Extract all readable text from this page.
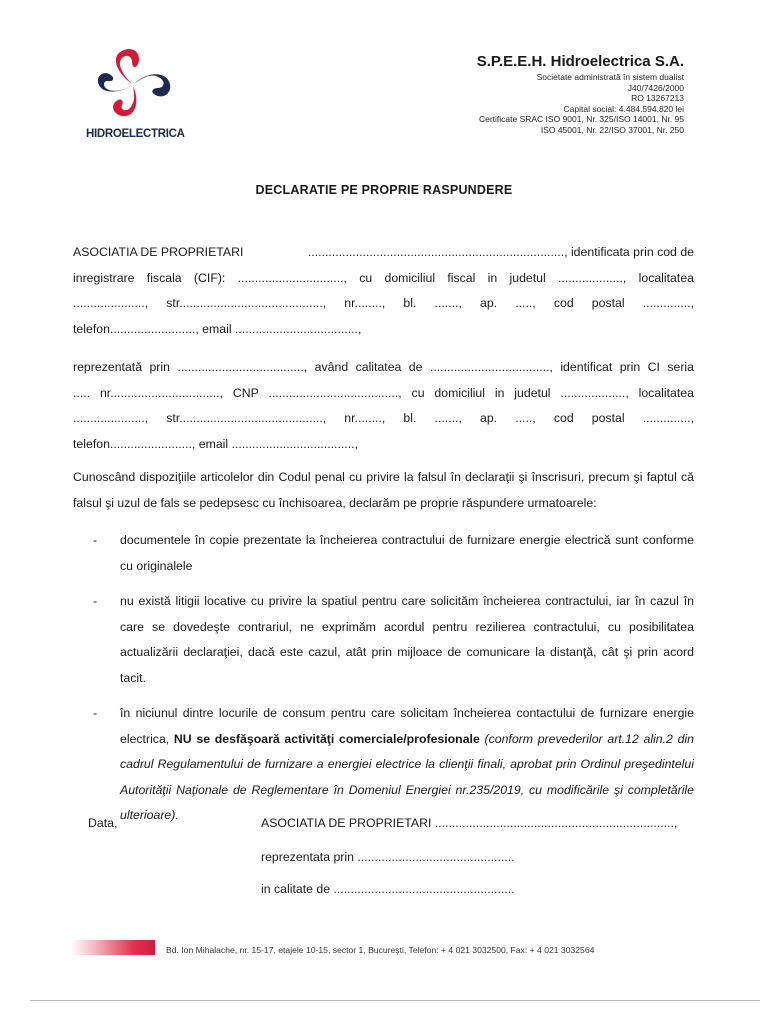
HIDROELECTRICA
S.P.E.E.H. Hidroelectrica S.A.
Societate administrată în sistem dualist
J40/7426/2000
RO 13267213
Capital social: 4.484.594.820 lei
Certificate SRAC ISO 9001, Nr. 325/ISO 14001, Nr. 95
ISO 45001, Nr. 22/ISO 37001, Nr. 250
DECLARATIE PE PROPRIE RASPUNDERE
ASOCIATIA DE PROPRIETARI	..........................................................................., identificata prin cod de
inregistrare fiscala (CIF): ..............................., cu domiciliul fiscal in judetul ..................., localitatea
....................., str.........................................., nr........, bl. ......., ap. ....., cod postal ..............,
telefon........................., email ....................................,
reprezentată prin ....................................., având calitatea de ..................................., identificat prin CI seria
..... nr................................, CNP ......................................, cu domiciliul in judetul ..................., localitatea
....................., str.........................................., nr........, bl. ......., ap. ....., cod postal ..............,
telefon........................, email ....................................,

Cunoscând dispoziţiile articolelor din Codul penal cu privire la falsul în declaraţii şi înscrisuri, precum şi faptul că falsul şi uzul de fals se pedepsesc cu închisoarea, declarăm pe proprie răspundere urmatoarele:

- documentele în copie prezentate la încheierea contractului de furnizare energie electrică sunt conforme cu originalele
- nu există litigii locative cu privire la spatiul pentru care solicităm încheierea contractului, iar în cazul în care se dovedeşte contrariul, ne exprimăm acordul pentru rezilierea contractului, cu posibilitatea actualizării declaraţiei, dacă este cazul, atât prin mijloace de comunicare la distanţă, cât şi prin acord tacit.
- în niciunul dintre locurile de consum pentru care solicitam încheierea contactului de furnizare energie electrica, NU se desfăşoară activităţi comerciale/profesionale (conform prevederilor art.12 alin.2 din cadrul Regulamentului de furnizare a energiei electrice la clienţii finali, aprobat prin Ordinul preşedintelui Autorităţii Naţionale de Reglementare în Domeniul Energiei nr.235/2019, cu modificările şi completările ulterioare).
Data,	ASOCIATIA DE PROPRIETARI ......................................................................,
reprezentata prin ..............................................
in calitate de .....................................................
Bd. Ion Mihalache, nr. 15-17, etajele 10-15, sector 1, Bucureşti, Telefon: + 4 021 3032500, Fax: + 4 021 3032564
